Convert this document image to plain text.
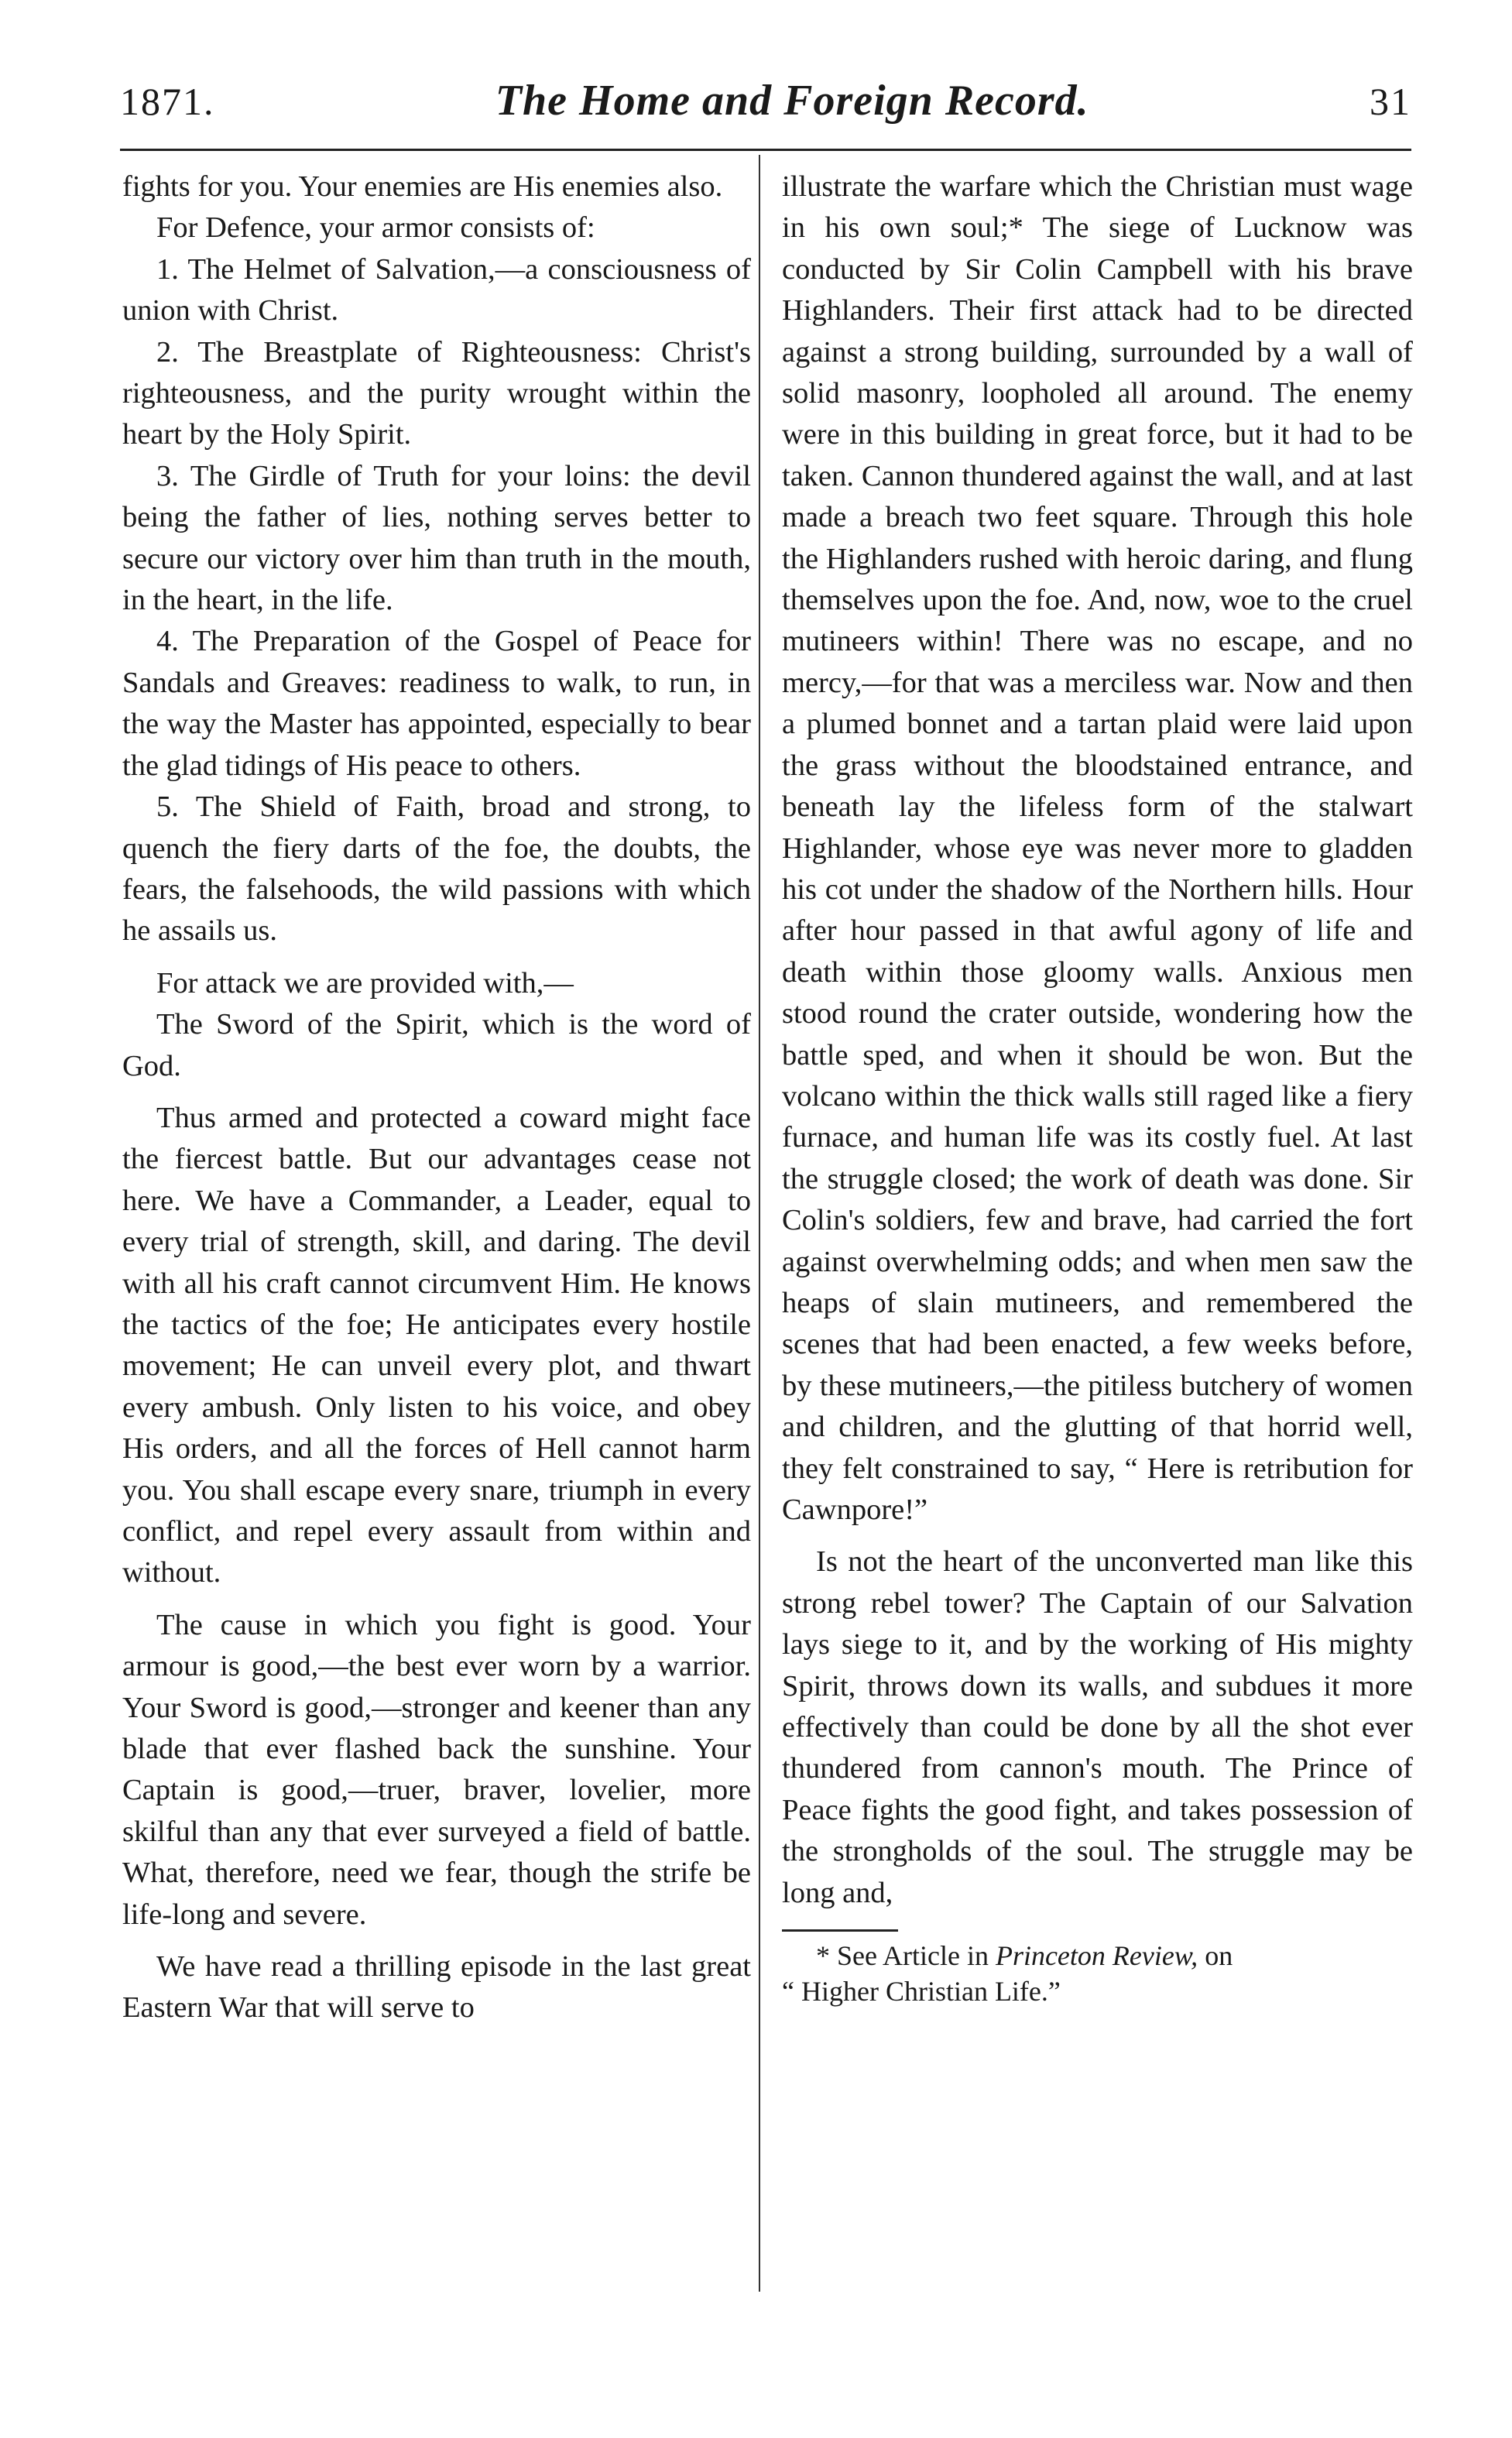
1871.	The Home and Foreign Record.	31

fights for you. Your enemies are His enemies also.

For Defence, your armor consists of:

1. The Helmet of Salvation,—a consciousness of union with Christ.

2. The Breastplate of Righteousness: Christ's righteousness, and the purity wrought within the heart by the Holy Spirit.

3. The Girdle of Truth for your loins: the devil being the father of lies, nothing serves better to secure our victory over him than truth in the mouth, in the heart, in the life.

4. The Preparation of the Gospel of Peace for Sandals and Greaves: readiness to walk, to run, in the way the Master has appointed, especially to bear the glad tidings of His peace to others.

5. The Shield of Faith, broad and strong, to quench the fiery darts of the foe, the doubts, the fears, the falsehoods, the wild passions with which he assails us.

For attack we are provided with,—

The Sword of the Spirit, which is the word of God.

Thus armed and protected a coward might face the fiercest battle. But our advantages cease not here. We have a Commander, a Leader, equal to every trial of strength, skill, and daring. The devil with all his craft cannot circumvent Him. He knows the tactics of the foe; He anticipates every hostile movement; He can unveil every plot, and thwart every ambush. Only listen to his voice, and obey His orders, and all the forces of Hell cannot harm you. You shall escape every snare, triumph in every conflict, and repel every assault from within and without.

The cause in which you fight is good. Your armour is good,—the best ever worn by a warrior. Your Sword is good,—stronger and keener than any blade that ever flashed back the sunshine. Your Captain is good,—truer, braver, lovelier, more skilful than any that ever surveyed a field of battle. What, therefore, need we fear, though the strife be life-long and severe.

We have read a thrilling episode in the last great Eastern War that will serve to

illustrate the warfare which the Christian must wage in his own soul;* The siege of Lucknow was conducted by Sir Colin Campbell with his brave Highlanders. Their first attack had to be directed against a strong building, surrounded by a wall of solid masonry, loopholed all around. The enemy were in this building in great force, but it had to be taken. Cannon thundered against the wall, and at last made a breach two feet square. Through this hole the Highlanders rushed with heroic daring, and flung themselves upon the foe. And, now, woe to the cruel mutineers within! There was no escape, and no mercy,—for that was a merciless war. Now and then a plumed bonnet and a tartan plaid were laid upon the grass without the bloodstained entrance, and beneath lay the lifeless form of the stalwart Highlander, whose eye was never more to gladden his cot under the shadow of the Northern hills. Hour after hour passed in that awful agony of life and death within those gloomy walls. Anxious men stood round the crater outside, wondering how the battle sped, and when it should be won. But the volcano within the thick walls still raged like a fiery furnace, and human life was its costly fuel. At last the struggle closed; the work of death was done. Sir Colin's soldiers, few and brave, had carried the fort against overwhelming odds; and when men saw the heaps of slain mutineers, and remembered the scenes that had been enacted, a few weeks before, by these mutineers,—the pitiless butchery of women and children, and the glutting of that horrid well, they felt constrained to say, “ Here is retribution for Cawnpore!”

Is not the heart of the unconverted man like this strong rebel tower? The Captain of our Salvation lays siege to it, and by the working of His mighty Spirit, throws down its walls, and subdues it more effectively than could be done by all the shot ever thundered from cannon's mouth. The Prince of Peace fights the good fight, and takes possession of the strongholds of the soul. The struggle may be long and,

* See Article in Princeton Review, on
“ Higher Christian Life.”
